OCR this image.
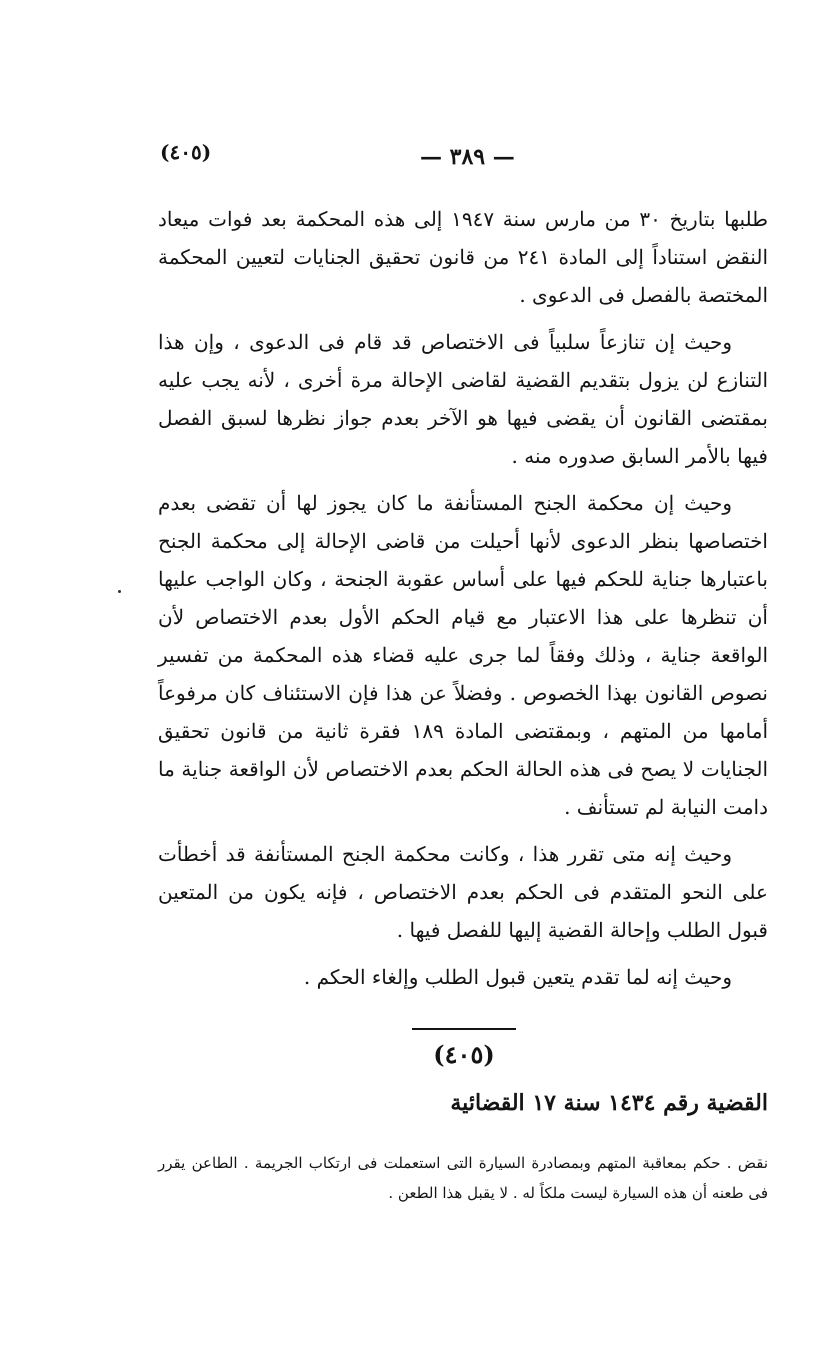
(٤٠٥)	— ٣٨٩ —

طلبها بتاريخ ٣٠ من مارس سنة ١٩٤٧ إلى هذه المحكمة بعد فوات ميعاد النقض استناداً إلى المادة ٢٤١ من قانون تحقيق الجنايات لتعيين المحكمة المختصة بالفصل فى الدعوى .

وحيث إن تنازعاً سلبياً فى الاختصاص قد قام فى الدعوى ، وإن هذا التنازع لن يزول بتقديم القضية لقاضى الإحالة مرة أخرى ، لأنه يجب عليه بمقتضى القانون أن يقضى فيها هو الآخر بعدم جواز نظرها لسبق الفصل فيها بالأمر السابق صدوره منه .

وحيث إن محكمة الجنح المستأنفة ما كان يجوز لها أن تقضى بعدم اختصاصها بنظر الدعوى لأنها أحيلت من قاضى الإحالة إلى محكمة الجنح باعتبارها جناية للحكم فيها على أساس عقوبة الجنحة ، وكان الواجب عليها أن تنظرها على هذا الاعتبار مع قيام الحكم الأول بعدم الاختصاص لأن الواقعة جناية ، وذلك وفقاً لما جرى عليه قضاء هذه المحكمة من تفسير نصوص القانون بهذا الخصوص . وفضلاً عن هذا فإن الاستئناف كان مرفوعاً أمامها من المتهم ، وبمقتضى المادة ١٨٩ فقرة ثانية من قانون تحقيق الجنايات لا يصح فى هذه الحالة الحكم بعدم الاختصاص لأن الواقعة جناية ما دامت النيابة لم تستأنف .

وحيث إنه متى تقرر هذا ، وكانت محكمة الجنح المستأنفة قد أخطأت على النحو المتقدم فى الحكم بعدم الاختصاص ، فإنه يكون من المتعين قبول الطلب وإحالة القضية إليها للفصل فيها .

وحيث إنه لما تقدم يتعين قبول الطلب وإلغاء الحكم .

(٤٠٥)
القضية رقم ١٤٣٤ سنة ١٧ القضائية

نقض . حكم بمعاقبة المتهم وبمصادرة السيارة التى استعملت فى ارتكاب الجريمة . الطاعن يقرر فى طعنه أن هذه السيارة ليست ملكاً له . لا يقبل هذا الطعن .
